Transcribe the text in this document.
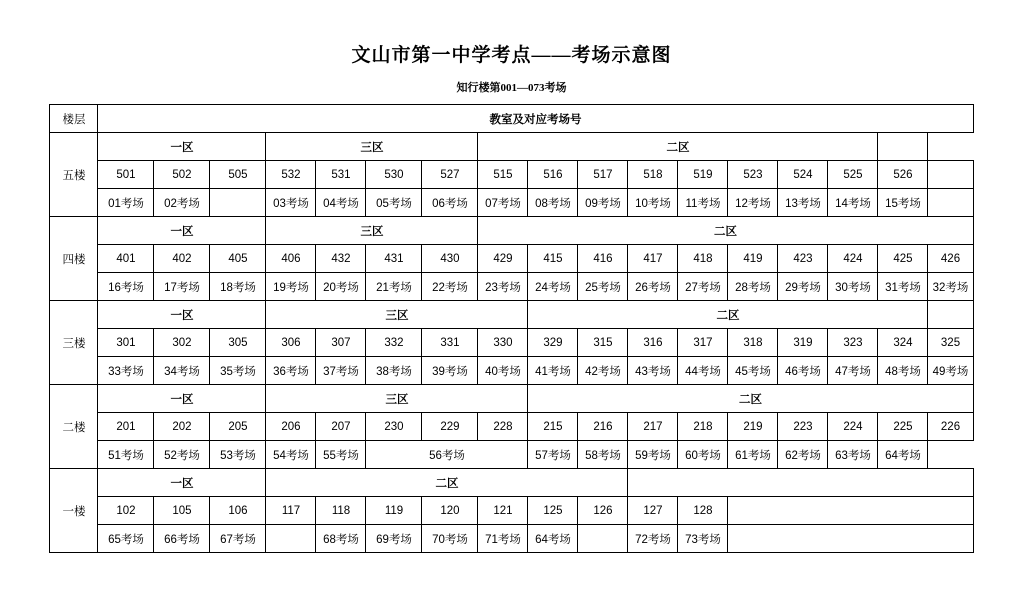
文山市第一中学考点——考场示意图
知行楼第001—073考场
楼层	教室及对应考场号																	
五楼	一区			三区				二区										
	501	502	505	532	531	530	527	515	516	517	518	519	523	524	525	526		
	01考场	02考场		03考场	04考场	05考场	06考场	07考场	08考场	09考场	10考场	11考场	12考场	13考场	14考场	15考场		
四楼	一区			三区				二区										
	401	402	405	406	432	431	430	429	415	416	417	418	419	423	424	425	426	
	16考场	17考场	18考场	19考场	20考场	21考场	22考场	23考场	24考场	25考场	26考场	27考场	28考场	29考场	30考场	31考场	32考场	
三楼	一区			三区					二区									
	301	302	305	306	307	332	331	330	329	315	316	317	318	319	323	324	325	
	33考场	34考场	35考场	36考场	37考场	38考场	39考场	40考场	41考场	42考场	43考场	44考场	45考场	46考场	47考场	48考场	49考场	
二楼	一区			三区					二区									
	201	202	205	206	207	230	229	228	215	216	217	218	219	223	224	225	226	
	51考场	52考场	53考场	54考场	55考场	56考场			57考场	58考场	59考场	60考场	61考场	62考场	63考场	64考场		
一楼	一区			二区														
	102	105	106	117	118	119	120	121	125	126	127	128						
	65考场	66考场	67考场		68考场	69考场	70考场	71考场	64考场		72考场	73考场						
